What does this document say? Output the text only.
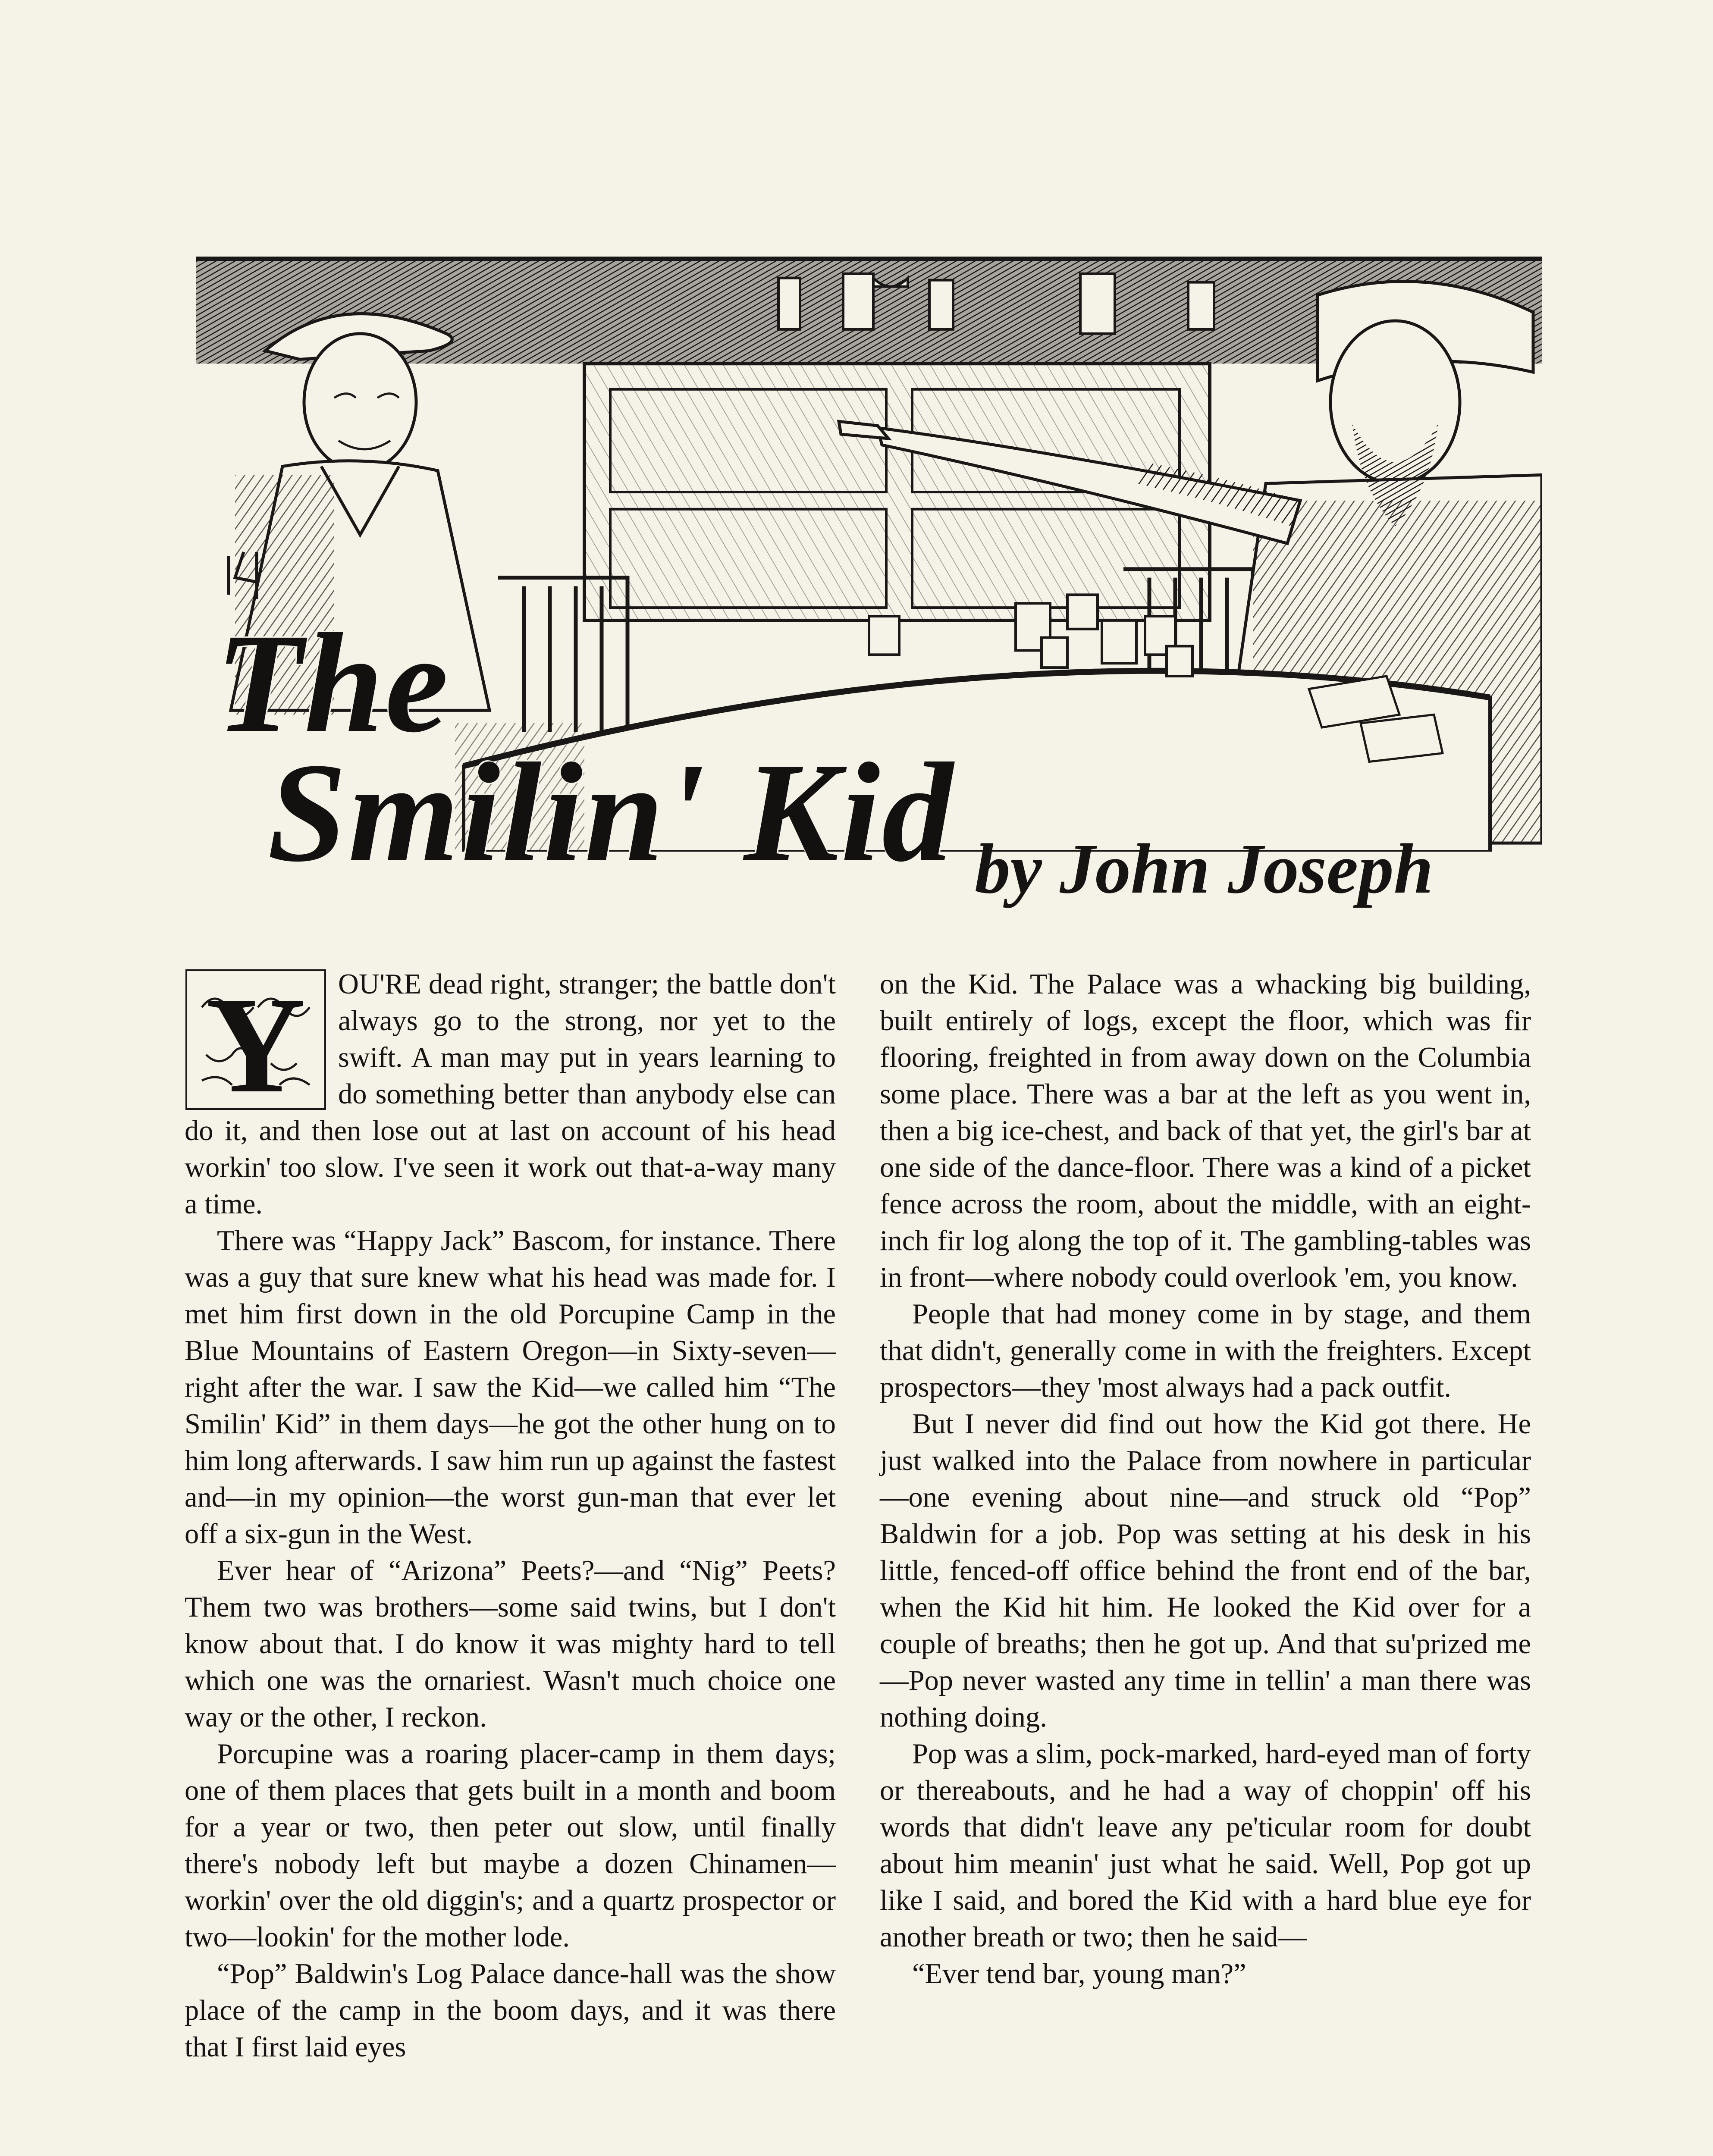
The
Smilin' Kid by John Joseph
Y	OU'RE dead right, stranger; the battle don't always go to the strong, nor yet to the swift. A man may put in years learning to do something better than anybody else can do it, and then lose out at last on account of his head workin' too slow. I've seen it work out that-a-way many a time.

There was “Happy Jack” Bascom, for instance. There was a guy that sure knew what his head was made for. I met him first down in the old Porcupine Camp in the Blue Mountains of Eastern Oregon—in Sixty-seven—right after the war. I saw the Kid—we called him “The Smilin' Kid” in them days—he got the other hung on to him long afterwards. I saw him run up against the fastest and—in my opinion—the worst gun-man that ever let off a six-gun in the West.

Ever hear of “Arizona” Peets?—and “Nig” Peets? Them two was brothers—some said twins, but I don't know about that. I do know it was mighty hard to tell which one was the ornariest. Wasn't much choice one way or the other, I reckon.

Porcupine was a roaring placer-camp in them days; one of them places that gets built in a month and boom for a year or two, then peter out slow, until finally there's nobody left but maybe a dozen Chinamen—workin' over the old diggin's; and a quartz prospector or two—lookin' for the mother lode.

“Pop” Baldwin's Log Palace dance-hall was the show place of the camp in the boom days, and it was there that I first laid eyes

on the Kid. The Palace was a whacking big building, built entirely of logs, except the floor, which was fir flooring, freighted in from away down on the Columbia some place. There was a bar at the left as you went in, then a big ice-chest, and back of that yet, the girl's bar at one side of the dance-floor. There was a kind of a picket fence across the room, about the middle, with an eight-inch fir log along the top of it. The gambling-tables was in front—where nobody could overlook 'em, you know.

People that had money come in by stage, and them that didn't, generally come in with the freighters. Except prospectors—they 'most always had a pack outfit.

But I never did find out how the Kid got there. He just walked into the Palace from nowhere in particular—one evening about nine—and struck old “Pop” Baldwin for a job. Pop was setting at his desk in his little, fenced-off office behind the front end of the bar, when the Kid hit him. He looked the Kid over for a couple of breaths; then he got up. And that su'prized me—Pop never wasted any time in tellin' a man there was nothing doing.

Pop was a slim, pock-marked, hard-eyed man of forty or thereabouts, and he had a way of choppin' off his words that didn't leave any pe'ticular room for doubt about him meanin' just what he said. Well, Pop got up like I said, and bored the Kid with a hard blue eye for another breath or two; then he said—

“Ever tend bar, young man?”
